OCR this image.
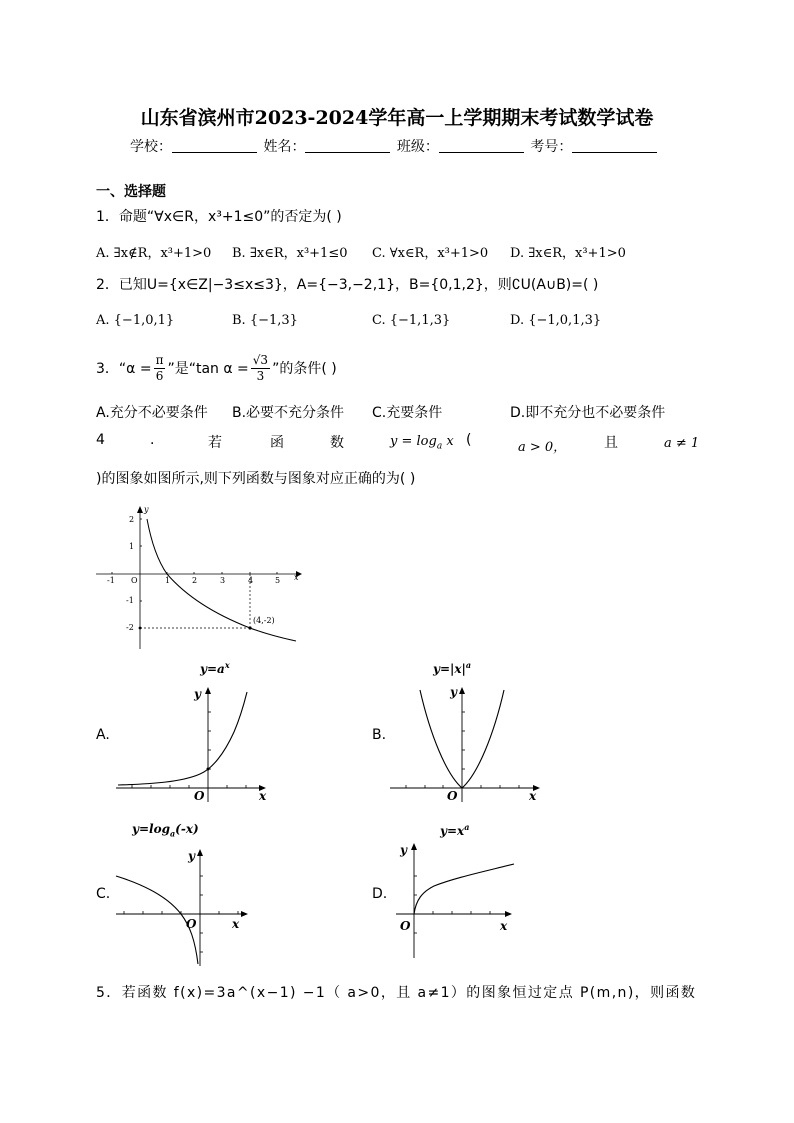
山东省滨州市2023-2024学年高一上学期期末考试数学试卷
学校：	姓名：	班级：	考号：
一、选择题
1．命题“∀x∈R，x³+1≤0”的否定为( )
A. ∃x∉R，x³+1>0 B. ∃x∈R，x³+1≤0 C. ∀x∈R，x³+1>0 D. ∃x∈R，x³+1>0
2．已知U={x∈Z|−3≤x≤3}，A={−3,−2,1}，B={0,1,2}，则∁U(A∪B)=( )
A. {−1,0,1}	B. {−1,3}	C. {−1,1,3}	D. {−1,0,1,3}
3．“$\alpha = \frac{\pi}{6}$ ”是“tan $\alpha = \frac{√3}{3}$ ”的条件( )
A.充分不必要条件 B.必要不充分条件 C.充要条件	D.即不充分也不必要条件
4	.	若	函	数	$y = \log_a x$ (	a > 0，	且	a ≠ 1
)的图象如图所示,则下列函数与图象对应正确的为( )
y
x
-1 O	1	2	3	4	5
2
1
-1
-2
(4,-2)
A.
$y=a^x$
O	x
y
B.
$y=|x|^a$
O	x
y
C.
$y=\log_a(-x)$
O	x
y
D.
$y=x^a$
O	x
y
5．若函数 f(x)=3a^(x−1) −1（ a>0，且 a≠1）的图象恒过定点 P(m,n)，则函数
